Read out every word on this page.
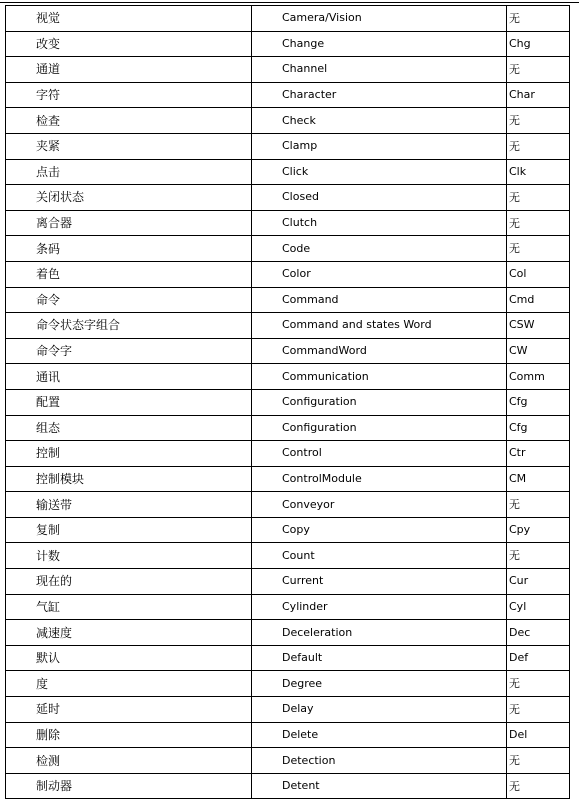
视觉	Camera/Vision	无
改变	Change	Chg
通道	Channel	无
字符	Character	Char
检查	Check	无
夹紧	Clamp	无
点击	Click	Clk
关闭状态	Closed	无
离合器	Clutch	无
条码	Code	无
着色	Color	Col
命令	Command	Cmd
命令状态字组合	Command and states Word	CSW
命令字	CommandWord	CW
通讯	Communication	Comm
配置	Configuration	Cfg
组态	Configuration	Cfg
控制	Control	Ctr
控制模块	ControlModule	CM
输送带	Conveyor	无
复制	Copy	Cpy
计数	Count	无
现在的	Current	Cur
气缸	Cylinder	Cyl
减速度	Deceleration	Dec
默认	Default	Def
度	Degree	无
延时	Delay	无
删除	Delete	Del
检测	Detection	无
制动器	Detent	无
